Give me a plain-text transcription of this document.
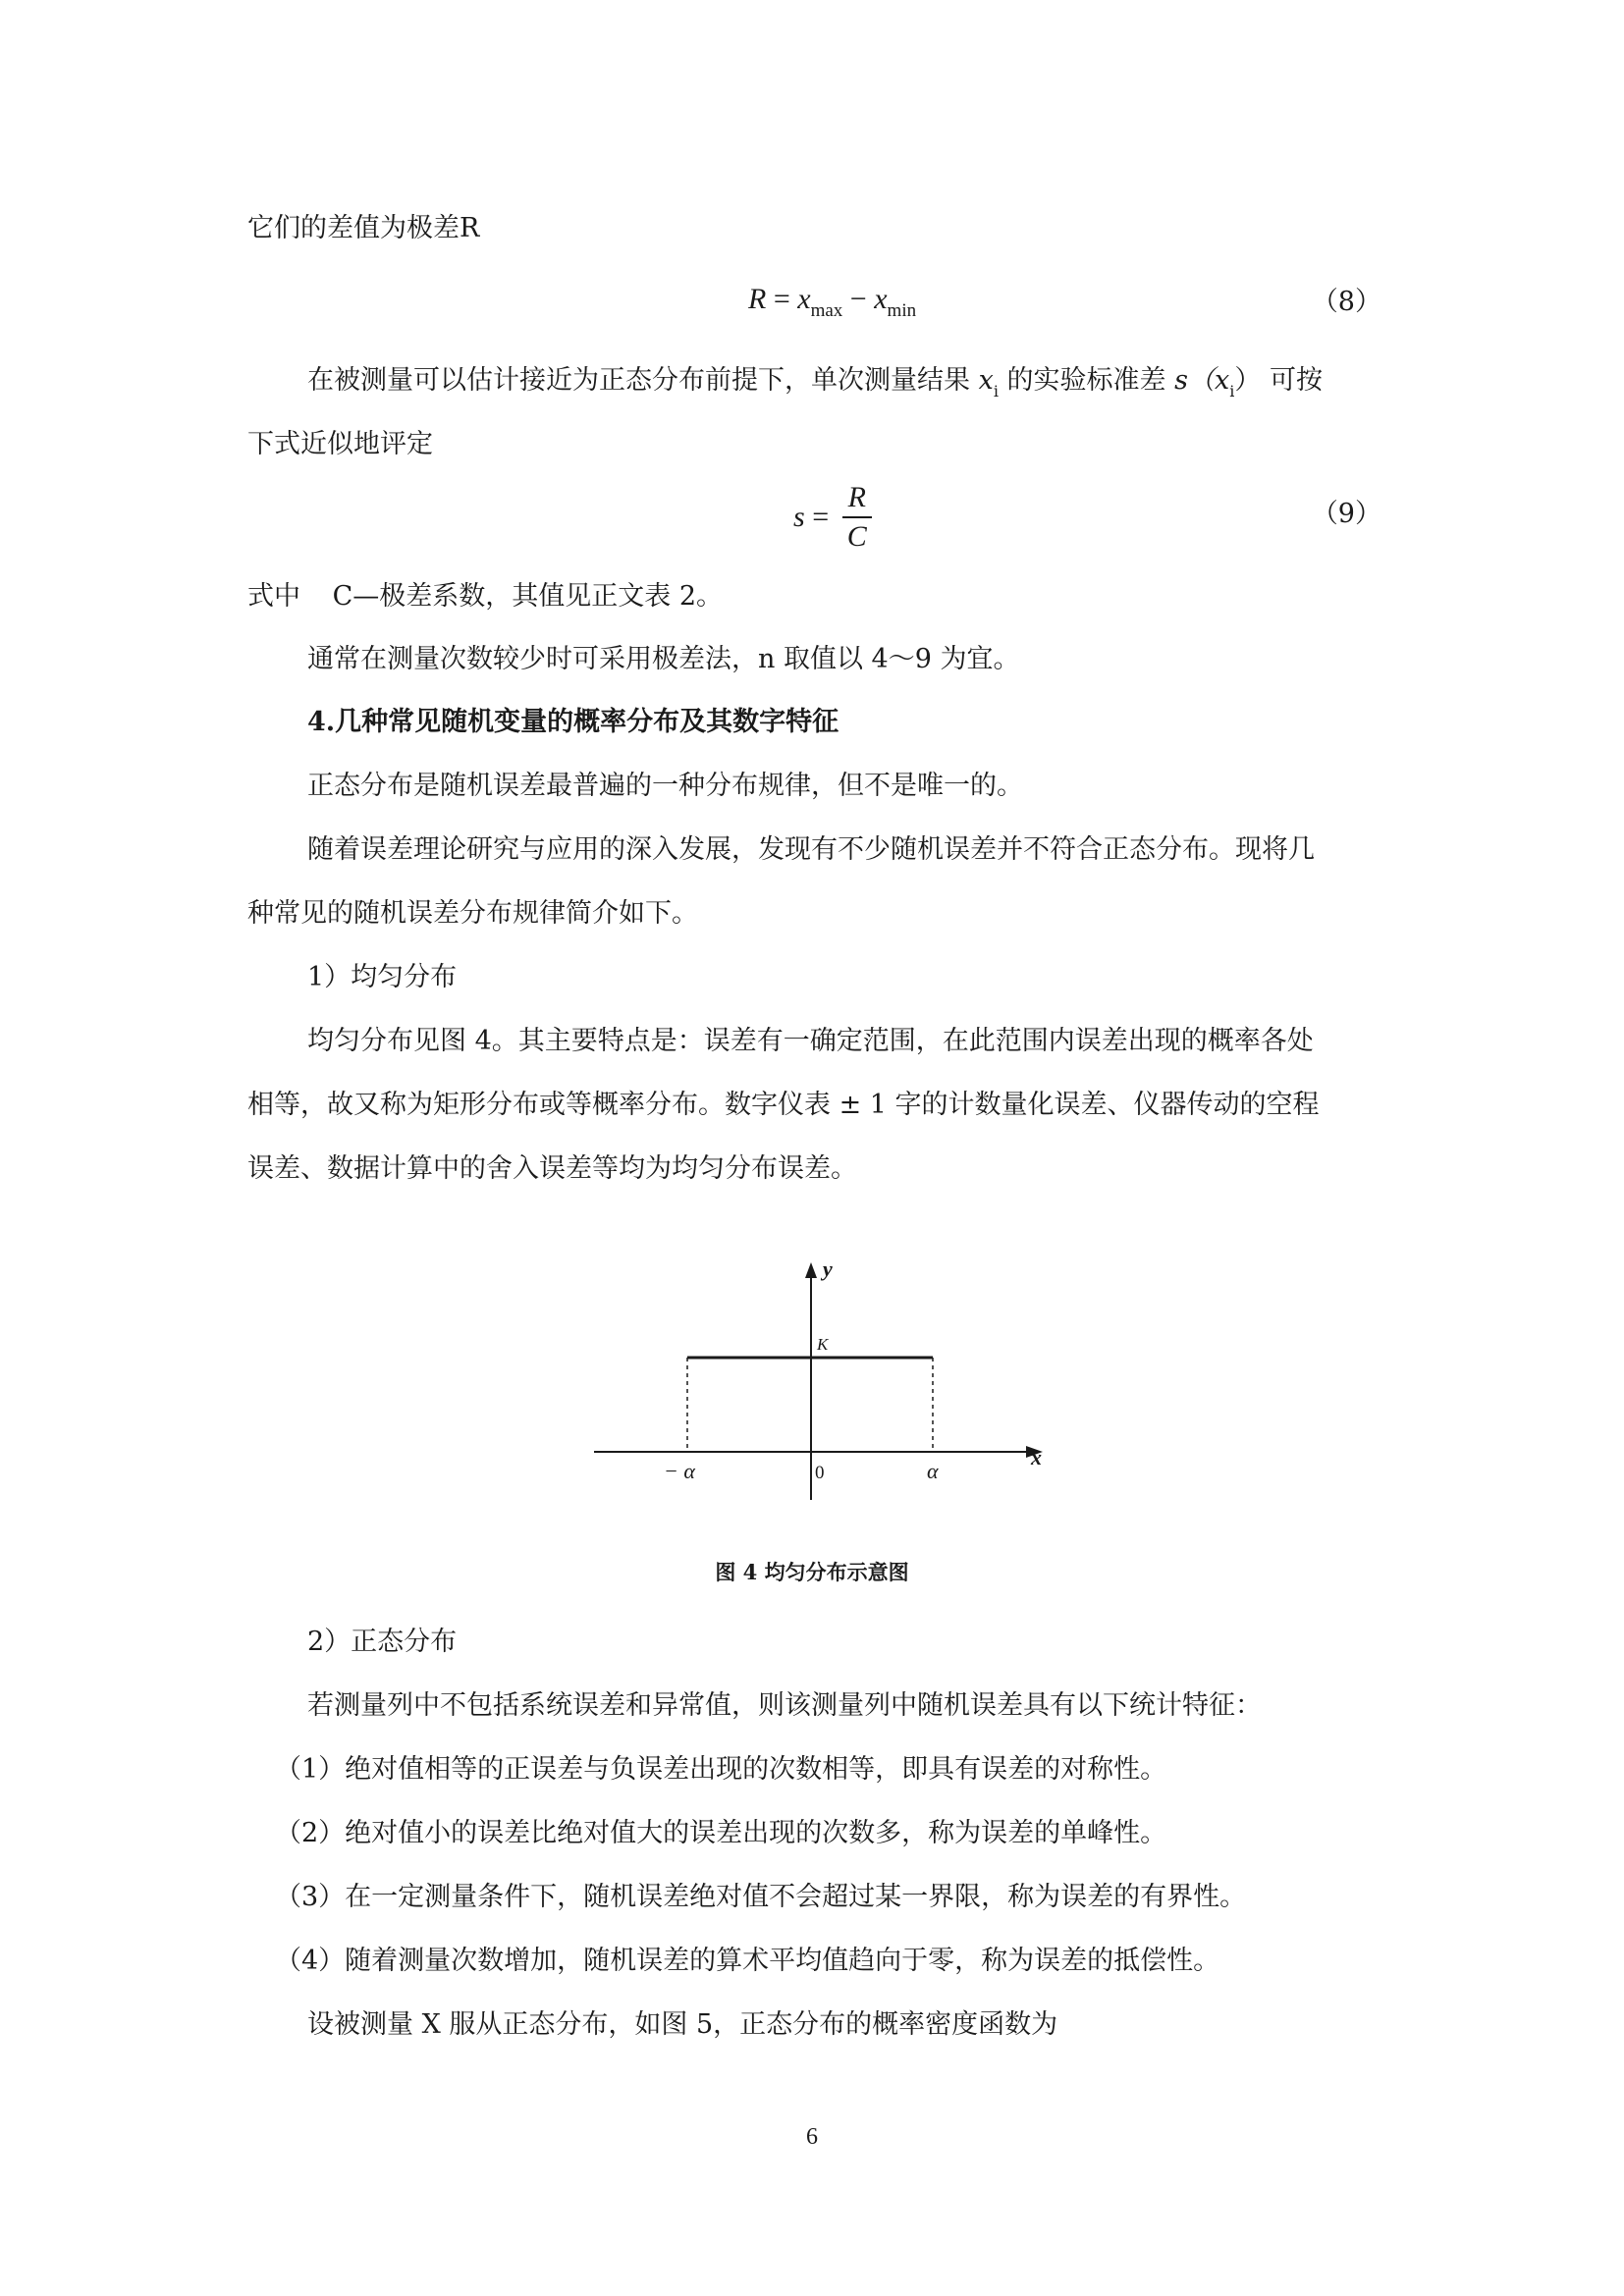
它们的差值为极差R
$R = x_{max} - x_{min}$	（8）
在被测量可以估计接近为正态分布前提下，单次测量结果 $x_i$ 的实验标准差 $s(x_i)$ 可按
下式近似地评定
$s = \frac{R}{C}$	（9）
式中 C—极差系数，其值见正文表 2。
通常在测量次数较少时可采用极差法，n 取值以 4～9 为宜。
4.几种常见随机变量的概率分布及其数字特征
正态分布是随机误差最普遍的一种分布规律，但不是唯一的。
随着误差理论研究与应用的深入发展，发现有不少随机误差并不符合正态分布。现将几
种常见的随机误差分布规律简介如下。
1）均匀分布
均匀分布见图 4。其主要特点是：误差有一确定范围，在此范围内误差出现的概率各处
相等，故又称为矩形分布或等概率分布。数字仪表 ± 1 字的计数量化误差、仪器传动的空程
误差、数据计算中的舍入误差等均为均匀分布误差。
y
x
K
− α	0	α
图 4 均匀分布示意图
2）正态分布
若测量列中不包括系统误差和异常值，则该测量列中随机误差具有以下统计特征：
（1）绝对值相等的正误差与负误差出现的次数相等，即具有误差的对称性。
（2）绝对值小的误差比绝对值大的误差出现的次数多，称为误差的单峰性。
（3）在一定测量条件下，随机误差绝对值不会超过某一界限，称为误差的有界性。
（4）随着测量次数增加，随机误差的算术平均值趋向于零，称为误差的抵偿性。
设被测量 X 服从正态分布，如图 5，正态分布的概率密度函数为
6
